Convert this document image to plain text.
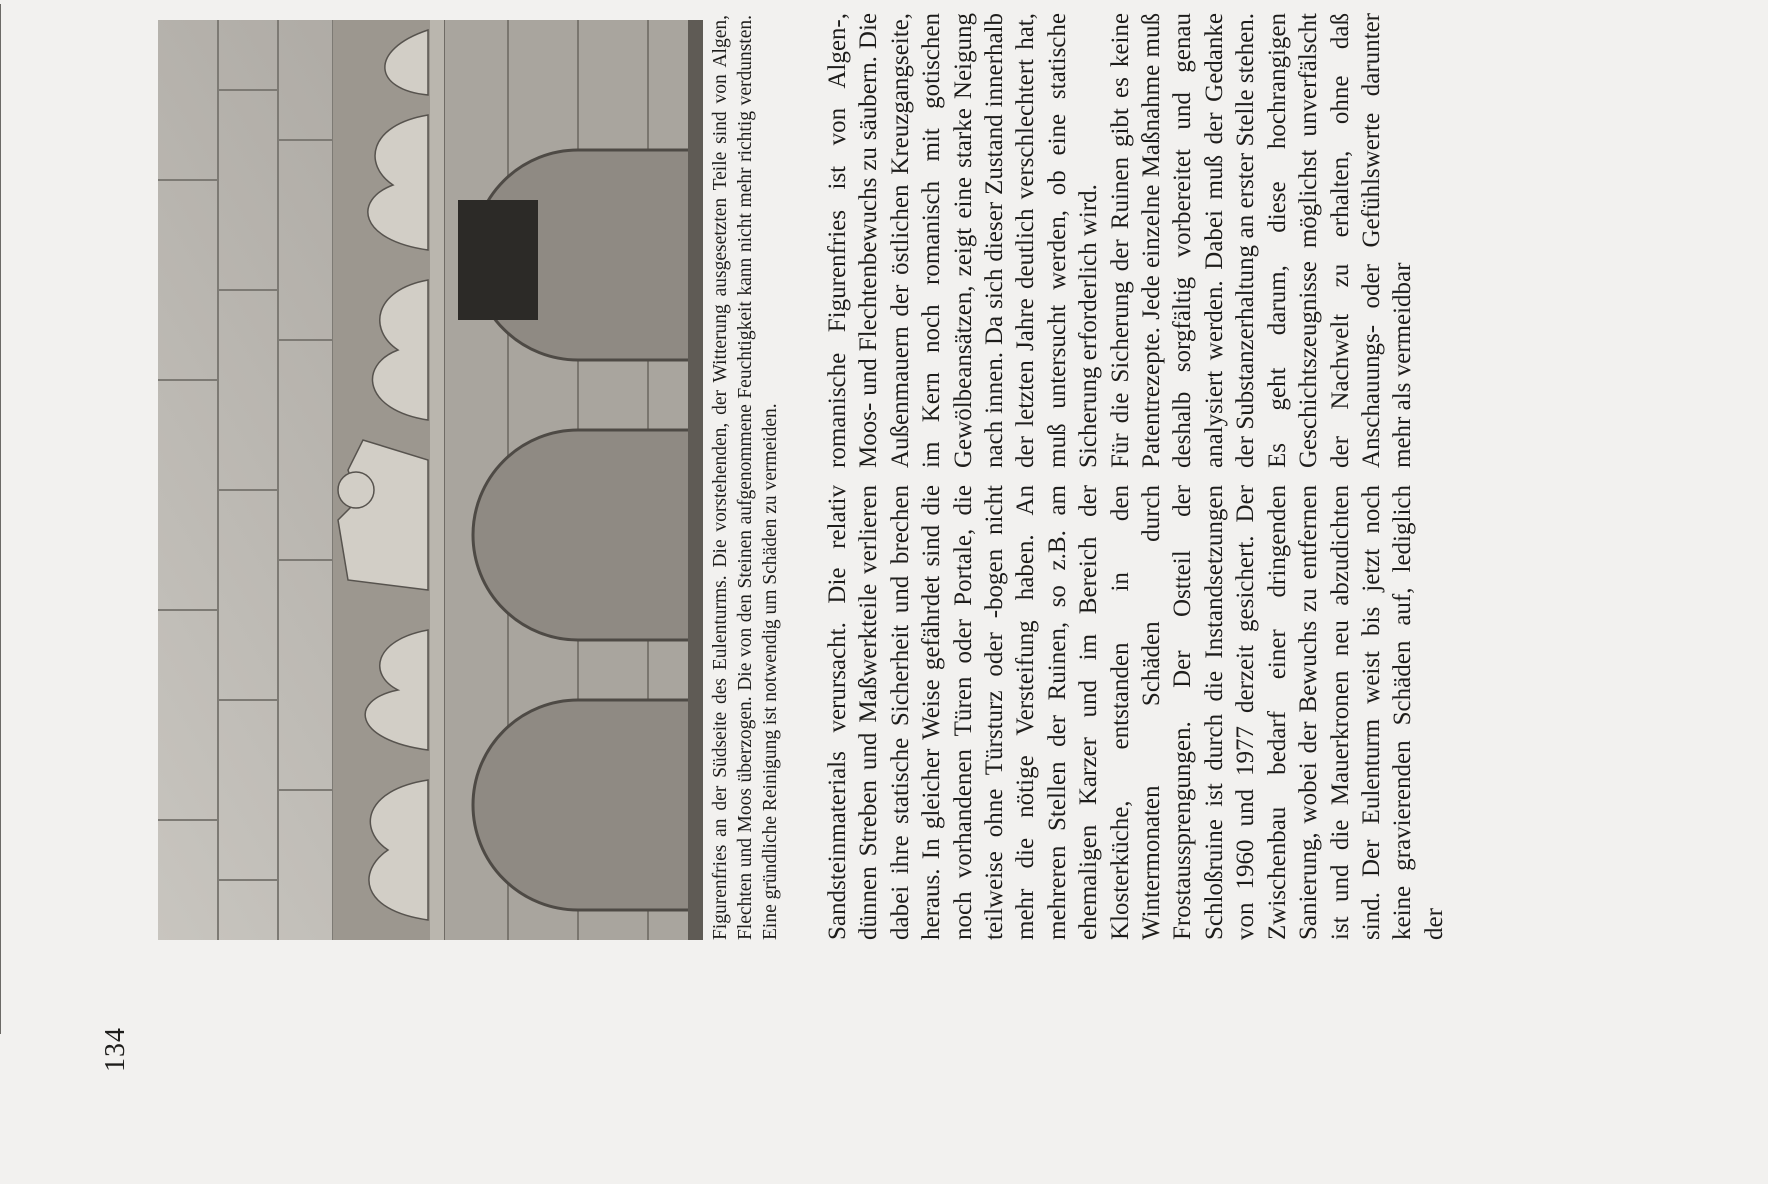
134
Figurenfries an der Südseite des Eulenturms. Die vorstehenden, der Witterung ausgesetzten Teile sind von Algen, Flechten und Moos überzogen. Die von den Steinen aufgenommene Feuchtigkeit kann nicht mehr richtig verdunsten. Eine gründliche Reinigung ist notwendig um Schäden zu vermeiden. Sandsteinmaterials verursacht. Die relativ dünnen Streben und Maßwerkteile verlieren dabei ihre statische Sicherheit und brechen heraus. In gleicher Weise gefährdet sind die noch vorhandenen Türen oder Portale, die teilweise ohne Türsturz oder -bogen nicht mehr die nötige Versteifung haben. An mehreren Stellen der Ruinen, so z.B. am ehemaligen Karzer und im Bereich der Klosterküche, entstanden in den Wintermonaten Schäden durch Frostaussprengungen. Der Ostteil der Schloßruine ist durch die Instandsetzungen von 1960 und 1977 derzeit gesichert. Der Zwischenbau bedarf einer dringenden Sanierung, wobei der Bewuchs zu entfernen ist und die Mauerkronen neu abzudichten sind. Der Eulenturm weist bis jetzt noch keine gravierenden Schäden auf, lediglich der

romanische Figurenfries ist von Algen-, Moos- und Flechtenbewuchs zu säubern. Die Außenmauern der östlichen Kreuzgangseite, im Kern noch romanisch mit gotischen Gewölbeansätzen, zeigt eine starke Neigung nach innen. Da sich dieser Zustand innerhalb der letzten Jahre deutlich verschlechtert hat, muß untersucht werden, ob eine statische Sicherung erforderlich wird. Für die Sicherung der Ruinen gibt es keine Patentrezepte. Jede einzelne Maßnahme muß deshalb sorgfältig vorbereitet und genau analysiert werden. Dabei muß der Gedanke der Substanzerhaltung an erster Stelle stehen. Es geht darum, diese hochrangigen Geschichtszeugnisse möglichst unverfälscht der Nachwelt zu erhalten, ohne daß Anschauungs- oder Gefühlswerte darunter mehr als vermeidbar
